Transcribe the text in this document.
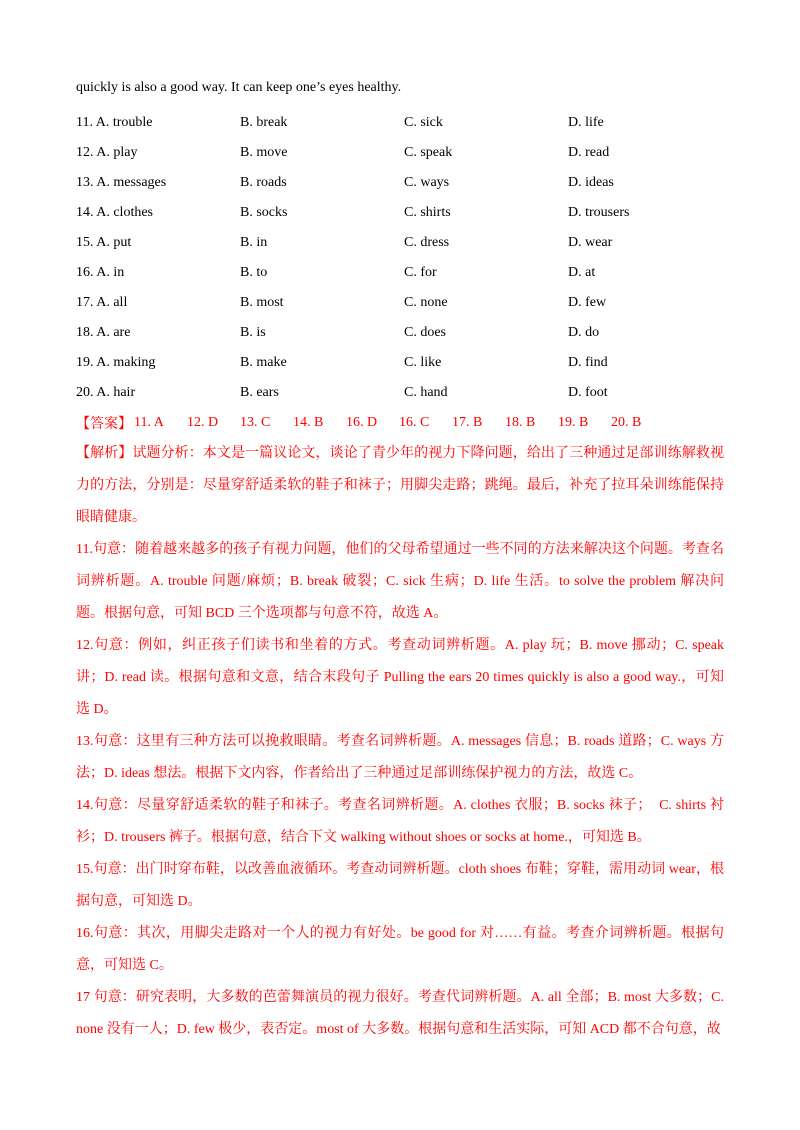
quickly is also a good way. It can keep one’s eyes healthy.

11. A. trouble	B. break	C. sick	D. life
12. A. play	B. move	C. speak	D. read
13. A. messages	B. roads	C. ways	D. ideas
14. A. clothes	B. socks	C. shirts	D. trousers
15. A. put	B. in	C. dress	D. wear
16. A. in	B. to	C. for	D. at
17. A. all	B. most	C. none	D. few
18. A. are	B. is	C. does	D. do
19. A. making	B. make	C. like	D. find
20. A. hair	B. ears	C. hand	D. foot
【答案】 11. A	12. D	13. C	14. B	16. D	16. C	17. B	18. B	19. B	20. B

【解析】试题分析：本文是一篇议论文，谈论了青少年的视力下降问题，给出了三种通过足部训练解救视力的方法，分别是：尽量穿舒适柔软的鞋子和袜子；用脚尖走路；跳绳。最后，补充了拉耳朵训练能保持眼睛健康。

11.句意：随着越来越多的孩子有视力问题，他们的父母希望通过一些不同的方法来解决这个问题。考查名词辨析题。A. trouble 问题/麻烦；B. break 破裂；C. sick 生病；D. life 生活。to solve the problem 解决问题。根据句意，可知 BCD 三个选项都与句意不符，故选 A。

12.句意：例如，纠正孩子们读书和坐着的方式。考查动词辨析题。A. play 玩；B. move 挪动；C. speak 讲；D. read 读。根据句意和文意，结合末段句子 Pulling the ears 20 times quickly is also a good way.，可知选 D。

13.句意：这里有三种方法可以挽救眼睛。考查名词辨析题。A. messages 信息；B. roads 道路；C. ways 方法；D. ideas 想法。根据下文内容，作者给出了三种通过足部训练保护视力的方法，故选 C。

14.句意：尽量穿舒适柔软的鞋子和袜子。考查名词辨析题。A. clothes 衣服；B. socks 袜子；　C. shirts 衬衫；D. trousers 裤子。根据句意，结合下文 walking without shoes or socks at home.，可知选 B。

15.句意：出门时穿布鞋，以改善血液循环。考查动词辨析题。cloth shoes 布鞋；穿鞋，需用动词 wear，根据句意，可知选 D。

16.句意：其次，用脚尖走路对一个人的视力有好处。be good for 对……有益。考查介词辨析题。根据句意，可知选 C。

17 句意：研究表明，大多数的芭蕾舞演员的视力很好。考查代词辨析题。A. all 全部；B. most 大多数；C. none 没有一人；D. few 极少，表否定。most of 大多数。根据句意和生活实际，可知 ACD 都不合句意，故
